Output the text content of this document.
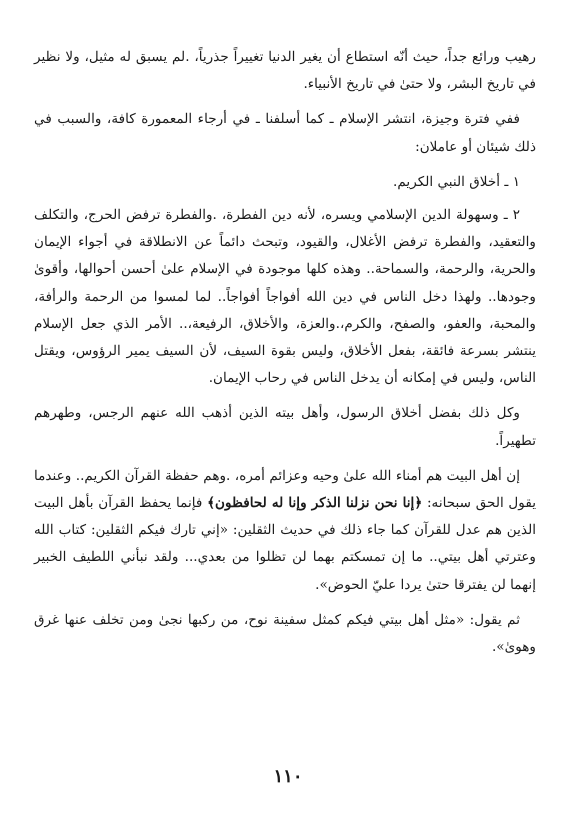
رهيب ورائع جداً، حيث أنّه استطاع أن يغير الدنيا تغييراً جذرياً، .لم يسبق له مثيل، ولا نظير في تاريخ البشر، ولا حتىٰ في تاريخ الأنبياء.

ففي فترة وجيزة، انتشر الإسلام ـ كما أسلفنا ـ في أرجاء المعمورة كافة، والسبب في ذلك شيئان أو عاملان:

١ ـ أخلاق النبي الكريم.

٢ ـ وسهولة الدين الإسلامي ويسره، لأنه دين الفطرة، .والفطرة ترفض الحرج، والتكلف والتعقيد، والفطرة ترفض الأغلال، والقيود، وتبحث دائماً عن الانطلاقة في أجواء الإيمان والحرية، والرحمة، والسماحة.. وهذه كلها موجودة في الإسلام علىٰ أحسن أحوالها، وأقوىٰ وجودها.. ولهذا دخل الناس في دين الله أفواجاً أفواجاً.. لما لمسوا من الرحمة والرأفة، والمحبة، والعفو، والصفح، والكرم،.والعزة، والأخلاق، الرفيعة،.. الأمر الذي جعل الإسلام ينتشر بسرعة فائقة، بفعل الأخلاق، وليس بقوة السيف، لأن السيف يمير الرؤوس، ويقتل الناس، وليس في إمكانه أن يدخل الناس في رحاب الإيمان.

وكل ذلك بفضل أخلاق الرسول، وأهل بيته الذين أذهب الله عنهم الرجس، وطهرهم تطهيراً.

إن أهل البيت هم أمناء الله علىٰ وحيه وعزائم أمره، .وهم حفظة القرآن الكريم.. وعندما يقول الحق سبحانه: ﴿إنا نحن نزلنا الذكر وإنا له لحافظون﴾ فإنما يحفظ القرآن بأهل البيت الذين هم عدل للقرآن كما جاء ذلك في حديث الثقلين: «إني تارك فيكم الثقلين: كتاب الله وعترتي أهل بيتي.. ما إن تمسكتم بهما لن تظلوا من بعدي... ولقد نبأني اللطيف الخبير إنهما لن يفترقا حتىٰ يردا عليّ الحوض».

ثم يقول: «مثل أهل بيتي فيكم كمثل سفينة نوح، من ركبها نجىٰ ومن تخلف عنها غرق وهوىٰ».

١١٠
